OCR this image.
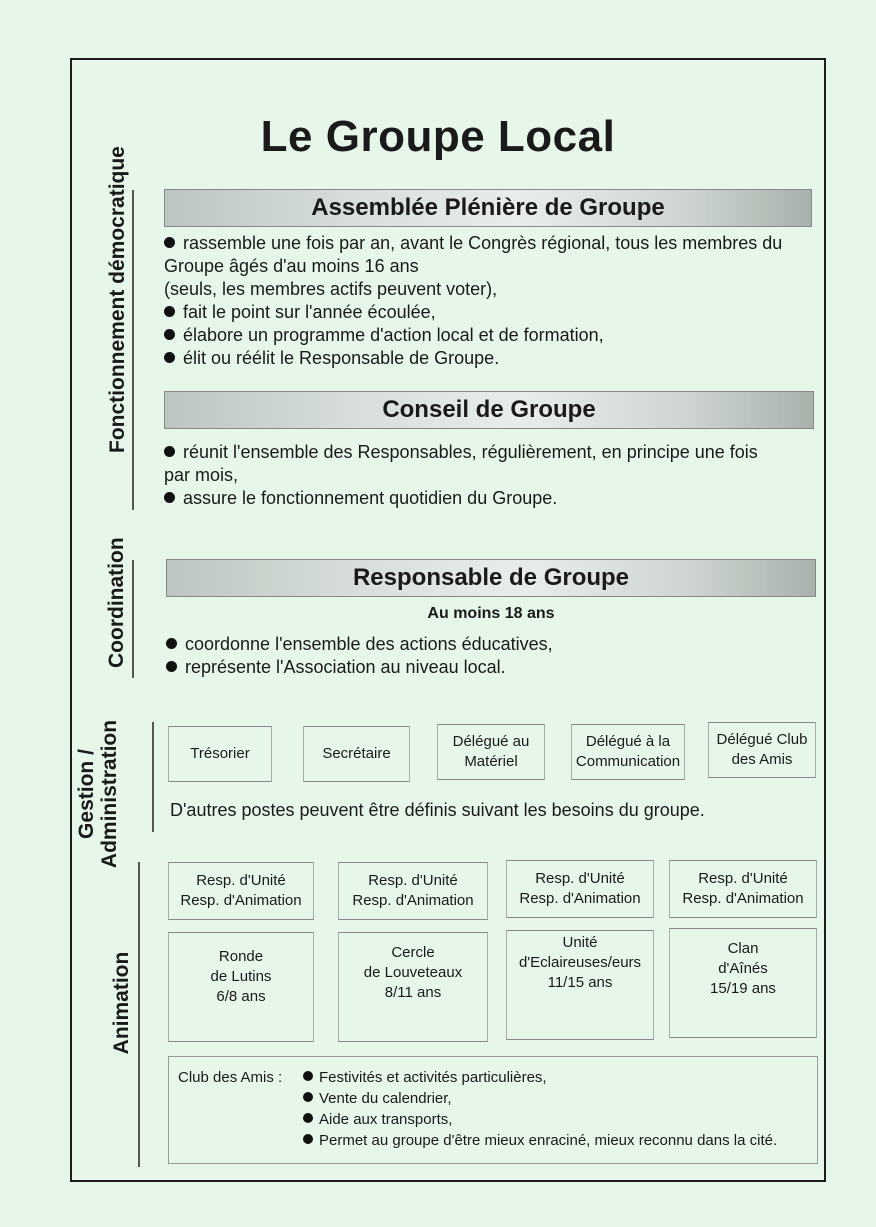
Le Groupe Local
Fonctionnement démocratique
Coordination
Gestion / Administration
Animation
Assemblée Plénière de Groupe
rassemble une fois par an, avant le Congrès régional, tous les membres du
Groupe âgés d'au moins 16 ans
(seuls, les membres actifs peuvent voter),
fait le point sur l'année écoulée,
élabore un programme d'action local et de formation,
élit ou réélit le Responsable de Groupe.
Conseil de Groupe
réunit l'ensemble des Responsables, régulièrement, en principe une fois
par mois,
assure le fonctionnement quotidien du Groupe.
Responsable de Groupe
Au moins 18 ans
coordonne l'ensemble des actions éducatives,
représente l'Association au niveau local.
Trésorier	Secrétaire
Délégué au
Matériel
Délégué à la
Communication
Délégué Club
des Amis
D'autres postes peuvent être définis suivant les besoins du groupe.
Resp. d'Unité
Resp. d'Animation
Resp. d'Unité
Resp. d'Animation
Resp. d'Unité
Resp. d'Animation
Resp. d'Unité
Resp. d'Animation
Ronde
de Lutins
6/8 ans
Cercle
de Louveteaux
8/11 ans
Unité
d'Eclaireuses/eurs
11/15 ans
Clan
d'Aînés
15/19 ans
Club des Amis :	Festivités et activités particulières,
Vente du calendrier,
Aide aux transports,
Permet au groupe d'être mieux enraciné, mieux reconnu dans la cité.
